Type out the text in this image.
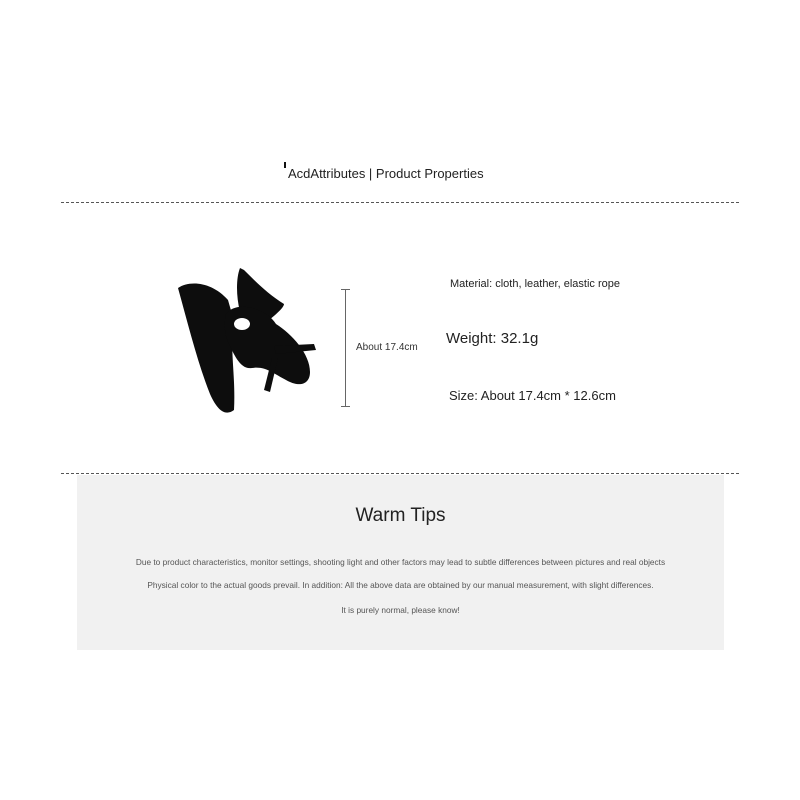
AcdAttributes | Product Properties
About 17.4cm
Material: cloth, leather, elastic rope
Weight: 32.1g
Size: About 17.4cm * 12.6cm
Warm Tips
Due to product characteristics, monitor settings, shooting light and other factors may lead to subtle differences between pictures and real objects
Physical color to the actual goods prevail. In addition: All the above data are obtained by our manual measurement, with slight differences.
It is purely normal, please know!
